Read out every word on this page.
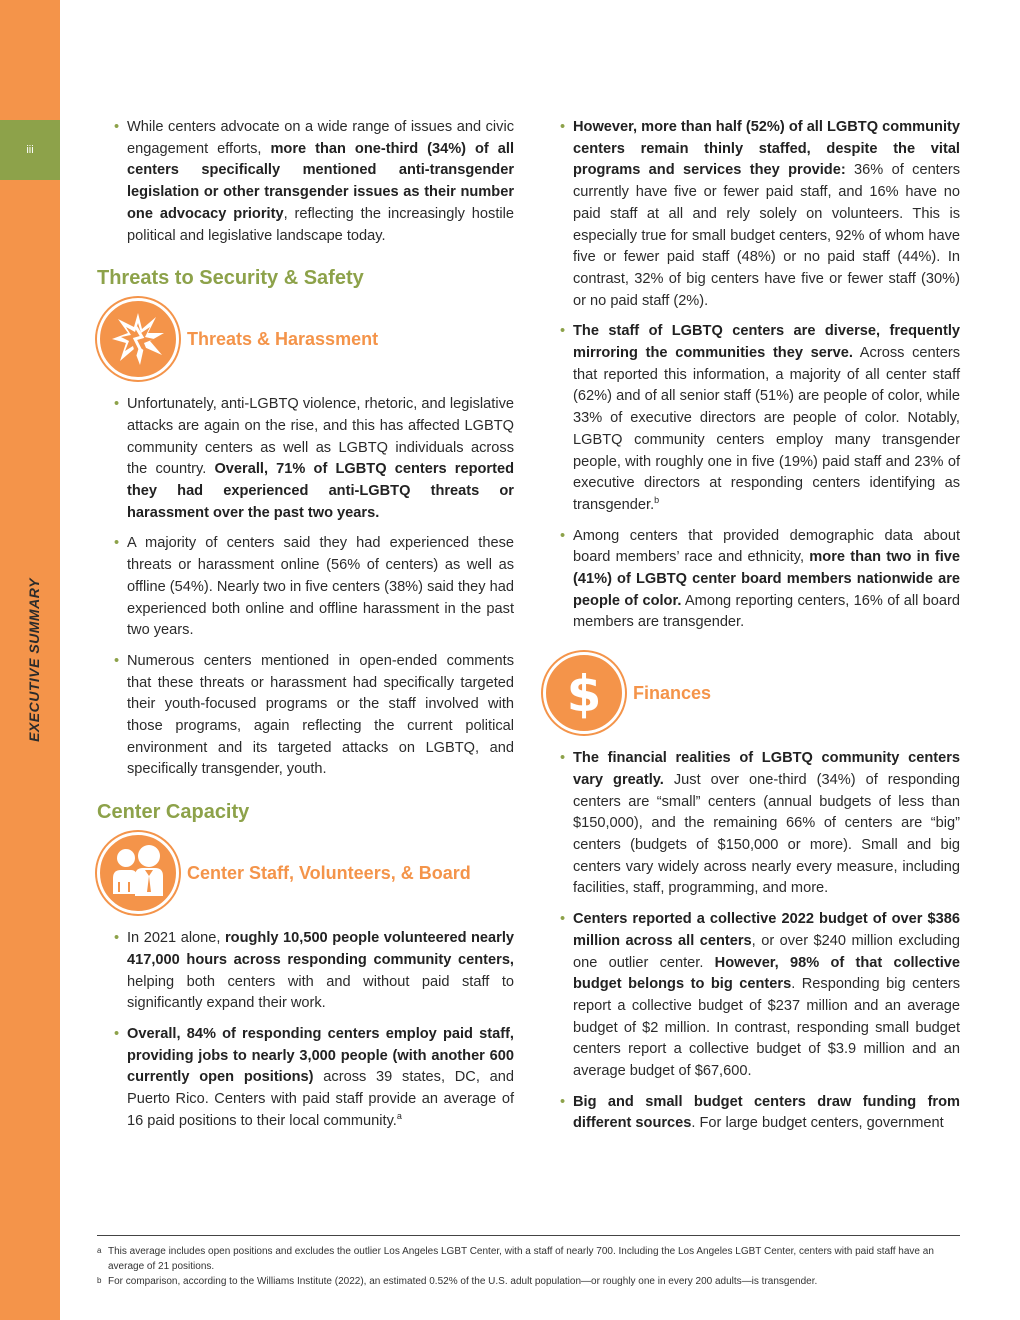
iii
EXECUTIVE SUMMARY

• While centers advocate on a wide range of issues and civic engagement efforts, more than one-third (34%) of all centers specifically mentioned anti-transgender legislation or other transgender issues as their number one advocacy priority, reflecting the increasingly hostile political and legislative landscape today.

Threats to Security & Safety
Threats & Harassment

• Unfortunately, anti-LGBTQ violence, rhetoric, and legislative attacks are again on the rise, and this has affected LGBTQ community centers as well as LGBTQ individuals across the country. Overall, 71% of LGBTQ centers reported they had experienced anti-LGBTQ threats or harassment over the past two years.

• A majority of centers said they had experienced these threats or harassment online (56% of centers) as well as offline (54%). Nearly two in five centers (38%) said they had experienced both online and offline harassment in the past two years.

• Numerous centers mentioned in open-ended comments that these threats or harassment had specifically targeted their youth-focused programs or the staff involved with those programs, again reflecting the current political environment and its targeted attacks on LGBTQ, and specifically transgender, youth.

Center Capacity
Center Staff, Volunteers, & Board

• In 2021 alone, roughly 10,500 people volunteered nearly 417,000 hours across responding community centers, helping both centers with and without paid staff to significantly expand their work.

• Overall, 84% of responding centers employ paid staff, providing jobs to nearly 3,000 people (with another 600 currently open positions) across 39 states, DC, and Puerto Rico. Centers with paid staff provide an average of 16 paid positions to their local community.$^a$

• However, more than half (52%) of all LGBTQ community centers remain thinly staffed, despite the vital programs and services they provide: 36% of centers currently have five or fewer paid staff, and 16% have no paid staff at all and rely solely on volunteers. This is especially true for small budget centers, 92% of whom have five or fewer paid staff (48%) or no paid staff (44%). In contrast, 32% of big centers have five or fewer staff (30%) or no paid staff (2%).

• The staff of LGBTQ centers are diverse, frequently mirroring the communities they serve. Across centers that reported this information, a majority of all center staff (62%) and of all senior staff (51%) are people of color, while 33% of executive directors are people of color. Notably, LGBTQ community centers employ many transgender people, with roughly one in five (19%) paid staff and 23% of executive directors at responding centers identifying as transgender.$^b$

• Among centers that provided demographic data about board members’ race and ethnicity, more than two in five (41%) of LGBTQ center board members nationwide are people of color. Among reporting centers, 16% of all board members are transgender.

$ Finances

• The financial realities of LGBTQ community centers vary greatly. Just over one-third (34%) of responding centers are “small” centers (annual budgets of less than $150,000), and the remaining 66% of centers are “big” centers (budgets of $150,000 or more). Small and big centers vary widely across nearly every measure, including facilities, staff, programming, and more.

• Centers reported a collective 2022 budget of over $386 million across all centers, or over $240 million excluding one outlier center. However, 98% of that collective budget belongs to big centers. Responding big centers report a collective budget of $237 million and an average budget of $2 million. In contrast, responding small budget centers report a collective budget of $3.9 million and an average budget of $67,600.

• Big and small budget centers draw funding from different sources. For large budget centers, government

a This average includes open positions and excludes the outlier Los Angeles LGBT Center, with a staff of nearly 700. Including the Los Angeles LGBT Center, centers with paid staff have an average of 21 positions.
b For comparison, according to the Williams Institute (2022), an estimated 0.52% of the U.S. adult population—or roughly one in every 200 adults—is transgender.
